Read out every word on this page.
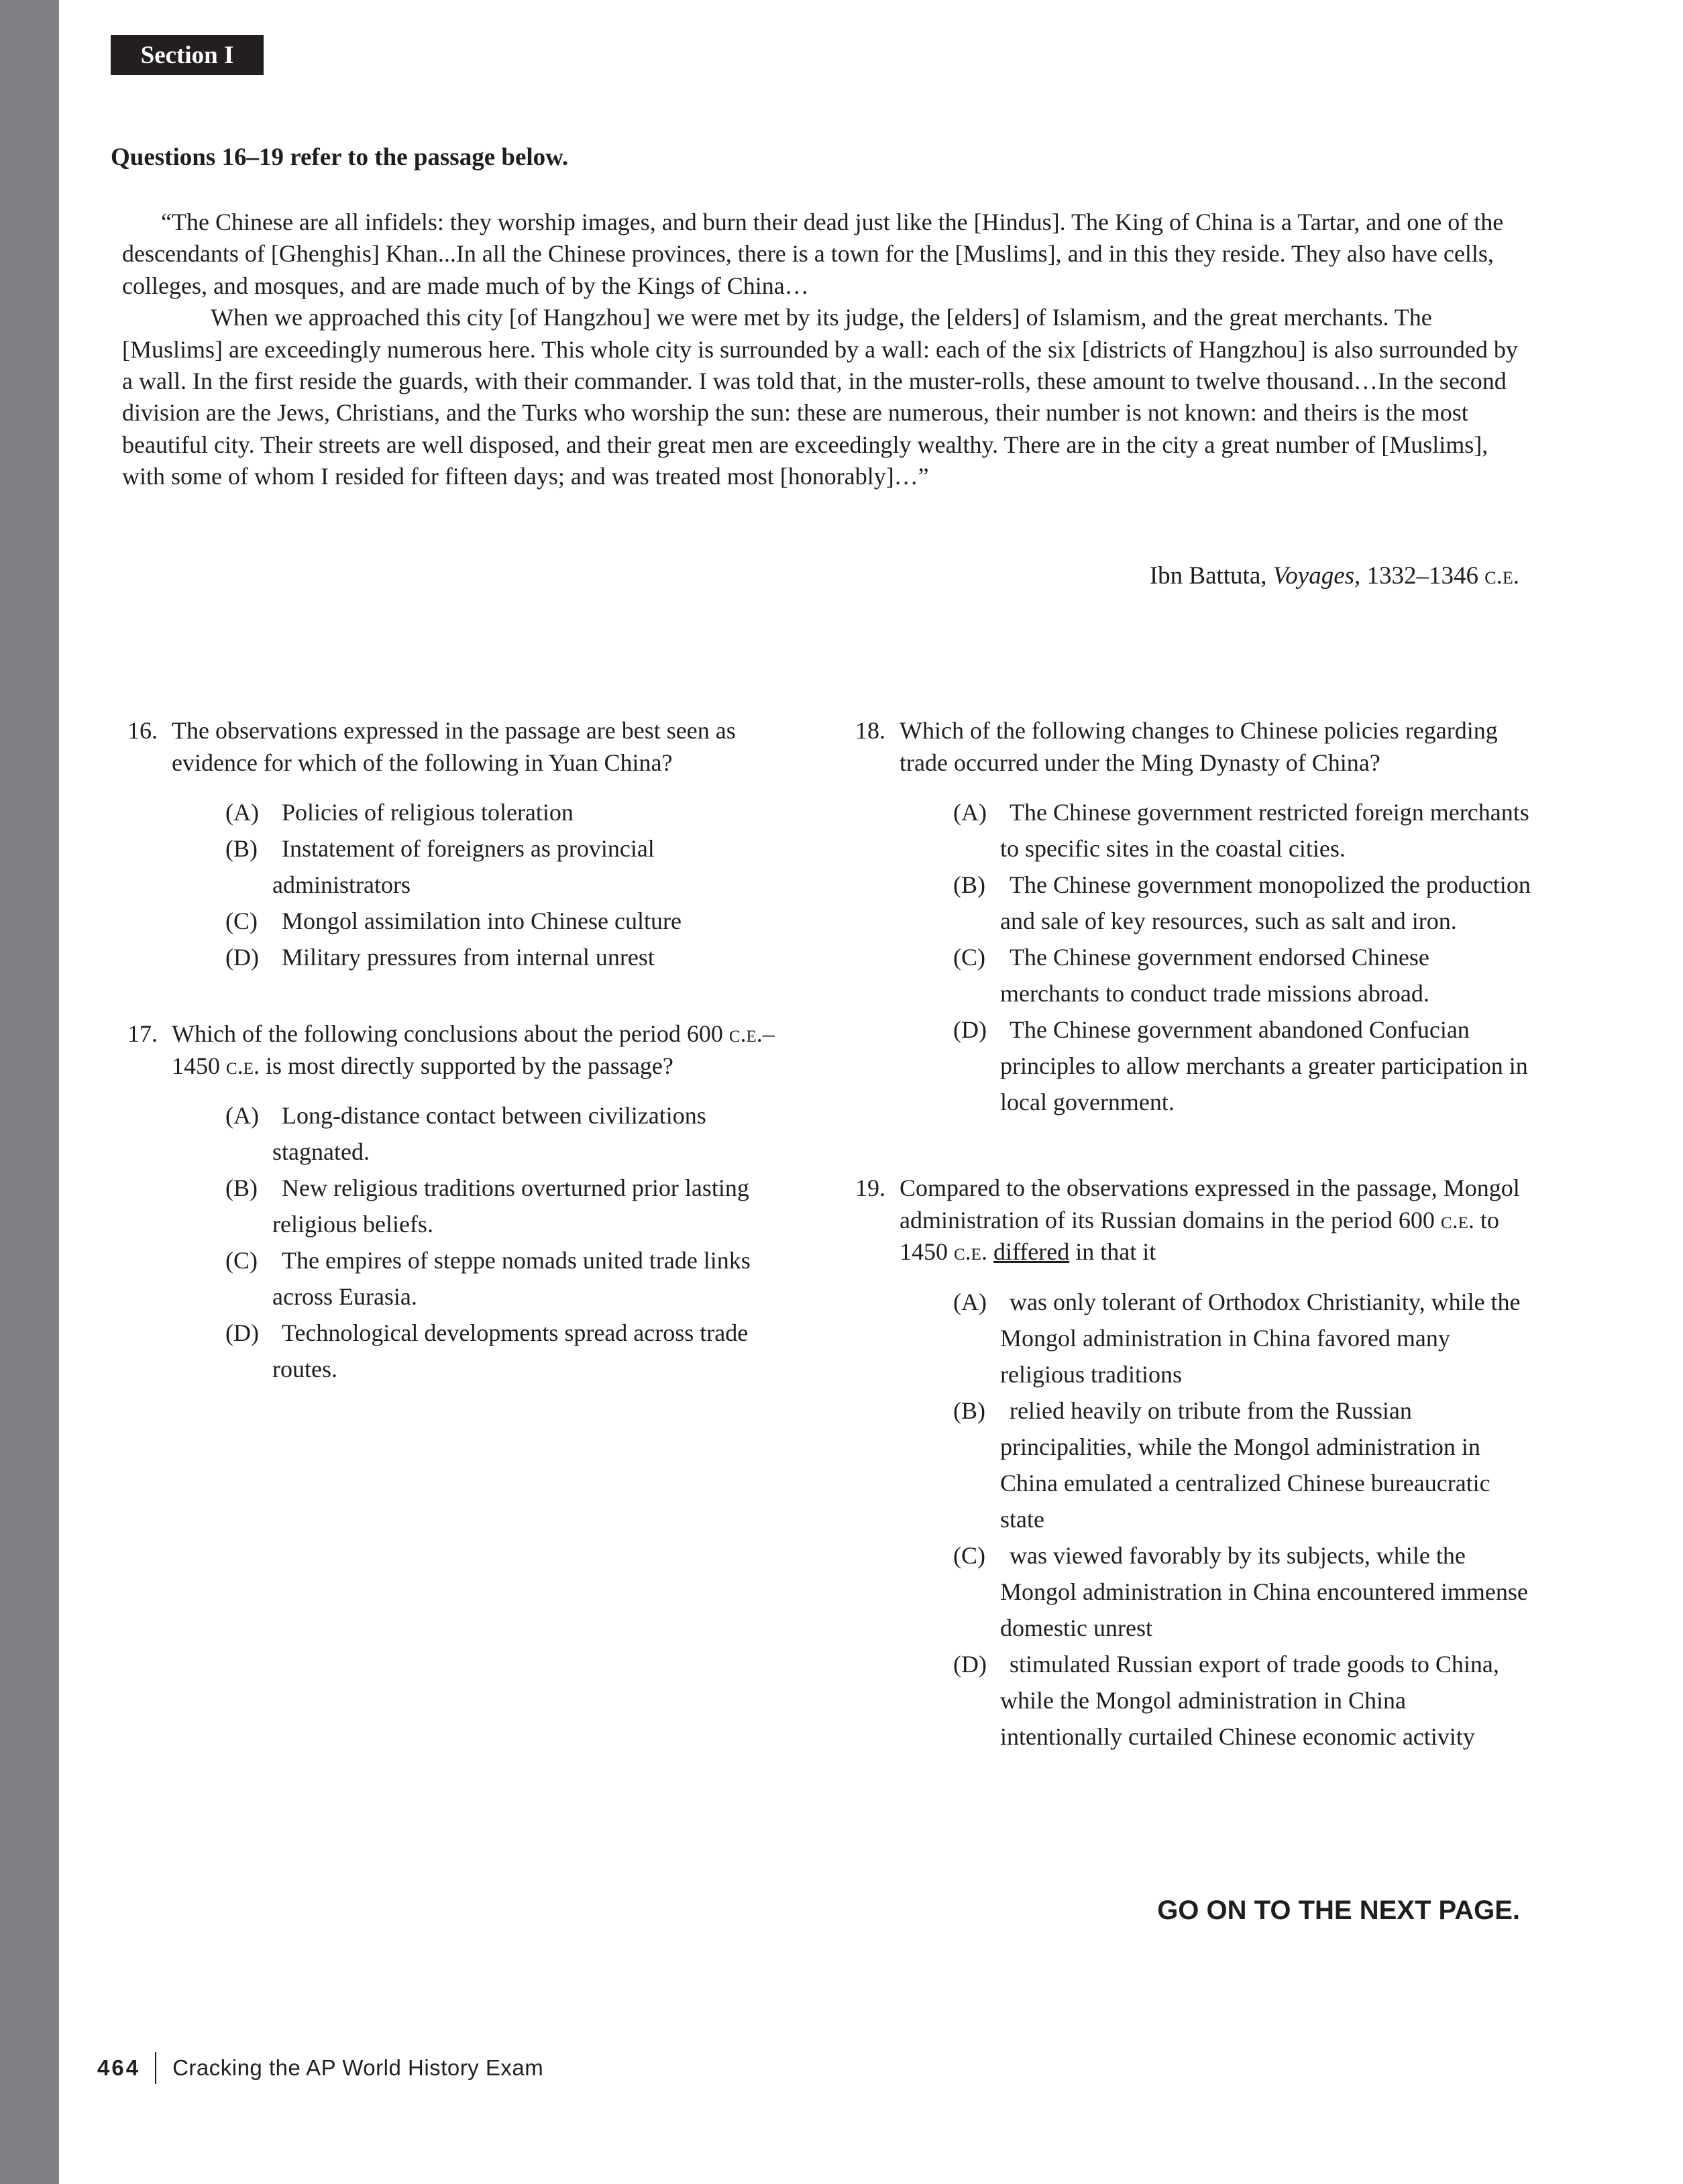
Section I
Questions 16–19 refer to the passage below.

“The Chinese are all infidels: they worship images, and burn their dead just like the [Hindus]. The King of China is a Tartar, and one of the descendants of [Ghenghis] Khan...In all the Chinese provinces, there is a town for the [Muslims], and in this they reside. They also have cells, colleges, and mosques, and are made much of by the Kings of China…

When we approached this city [of Hangzhou] we were met by its judge, the [elders] of Islamism, and the great merchants. The [Muslims] are exceedingly numerous here. This whole city is surrounded by a wall: each of the six [districts of Hangzhou] is also surrounded by a wall. In the first reside the guards, with their commander. I was told that, in the muster-rolls, these amount to twelve thousand…In the second division are the Jews, Christians, and the Turks who worship the sun: these are numerous, their number is not known: and theirs is the most beautiful city. Their streets are well disposed, and their great men are exceedingly wealthy. There are in the city a great number of [Muslims], with some of whom I resided for fifteen days; and was treated most [honorably]…”

Ibn Battuta, Voyages, 1332–1346 c.e.
16. The observations expressed in the passage are best seen as evidence for which of the following in Yuan China?

(A) Policies of religious toleration
(B) Instatement of foreigners as provincial administrators
(C) Mongol assimilation into Chinese culture
(D) Military pressures from internal unrest
17. Which of the following conclusions about the period 600 c.e.–1450 c.e. is most directly supported by the passage?

(A) Long-distance contact between civilizations stagnated.
(B) New religious traditions overturned prior lasting religious beliefs.
(C) The empires of steppe nomads united trade links across Eurasia.
(D) Technological developments spread across trade routes.
18. Which of the following changes to Chinese policies regarding trade occurred under the Ming Dynasty of China?

(A) The Chinese government restricted foreign merchants to specific sites in the coastal cities.
(B) The Chinese government monopolized the production and sale of key resources, such as salt and iron.
(C) The Chinese government endorsed Chinese merchants to conduct trade missions abroad.
(D) The Chinese government abandoned Confucian principles to allow merchants a greater participation in local government.
19. Compared to the observations expressed in the passage, Mongol administration of its Russian domains in the period 600 c.e. to 1450 c.e. differed in that it

(A) was only tolerant of Orthodox Christianity, while the Mongol administration in China favored many religious traditions
(B) relied heavily on tribute from the Russian principalities, while the Mongol administration in China emulated a centralized Chinese bureaucratic state
(C) was viewed favorably by its subjects, while the Mongol administration in China encountered immense domestic unrest
(D) stimulated Russian export of trade goods to China, while the Mongol administration in China intentionally curtailed Chinese economic activity
GO ON TO THE NEXT PAGE.
464 Cracking the AP World History Exam
